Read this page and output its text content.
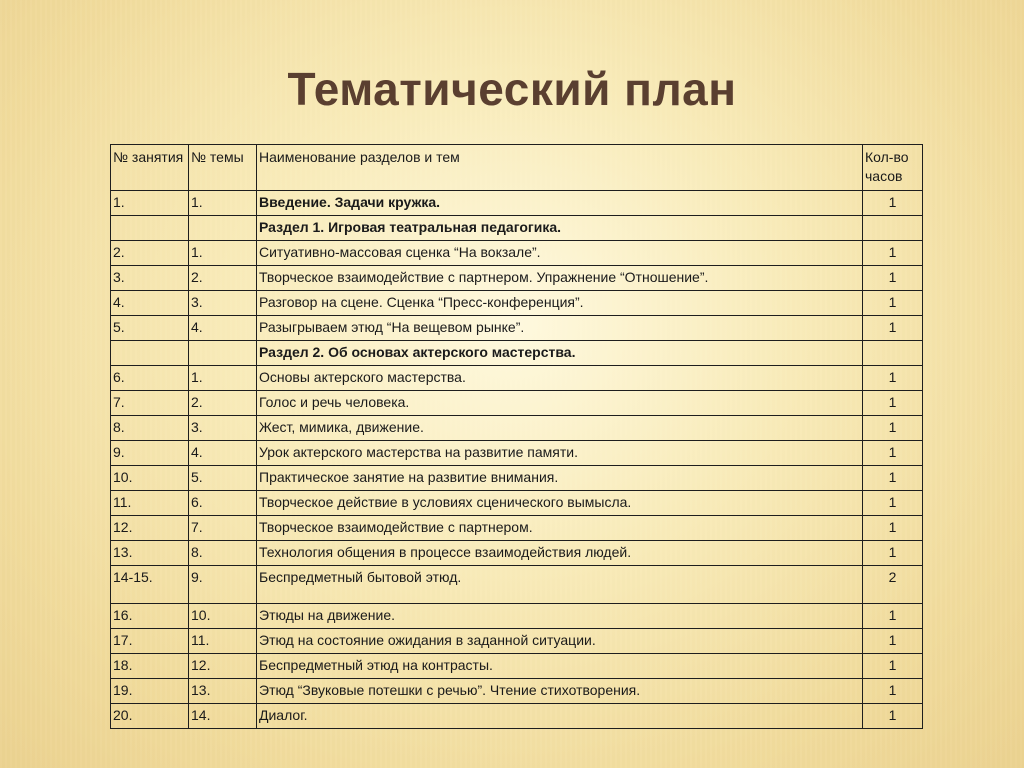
Тематический план
№ занятия	№ темы	Наименование разделов и тем	Кол-во часов
1.	1.	Введение. Задачи кружка.	1
		Раздел 1. Игровая театральная педагогика.	
2.	1.	Ситуативно-массовая сценка “На вокзале”.	1
3.	2.	Творческое взаимодействие с партнером. Упражнение “Отношение”.	1
4.	3.	Разговор на сцене. Сценка “Пресс-конференция”.	1
5.	4.	Разыгрываем этюд “На вещевом рынке”.	1
		Раздел 2. Об основах актерского мастерства.	
6.	1.	Основы актерского мастерства.	1
7.	2.	Голос и речь человека.	1
8.	3.	Жест, мимика, движение.	1
9.	4.	Урок актерского мастерства на развитие памяти.	1
10.	5.	Практическое занятие на развитие внимания.	1
11.	6.	Творческое действие в условиях сценического вымысла.	1
12.	7.	Творческое взаимодействие с партнером.	1
13.	8.	Технология общения в процессе взаимодействия людей.	1
14-15.	9.	Беспредметный бытовой этюд.	2
16.	10.	Этюды на движение.	1
17.	11.	Этюд на состояние ожидания в заданной ситуации.	1
18.	12.	Беспредметный этюд на контрасты.	1
19.	13.	Этюд “Звуковые потешки с речью”. Чтение стихотворения.	1
20.	14.	Диалог.	1
